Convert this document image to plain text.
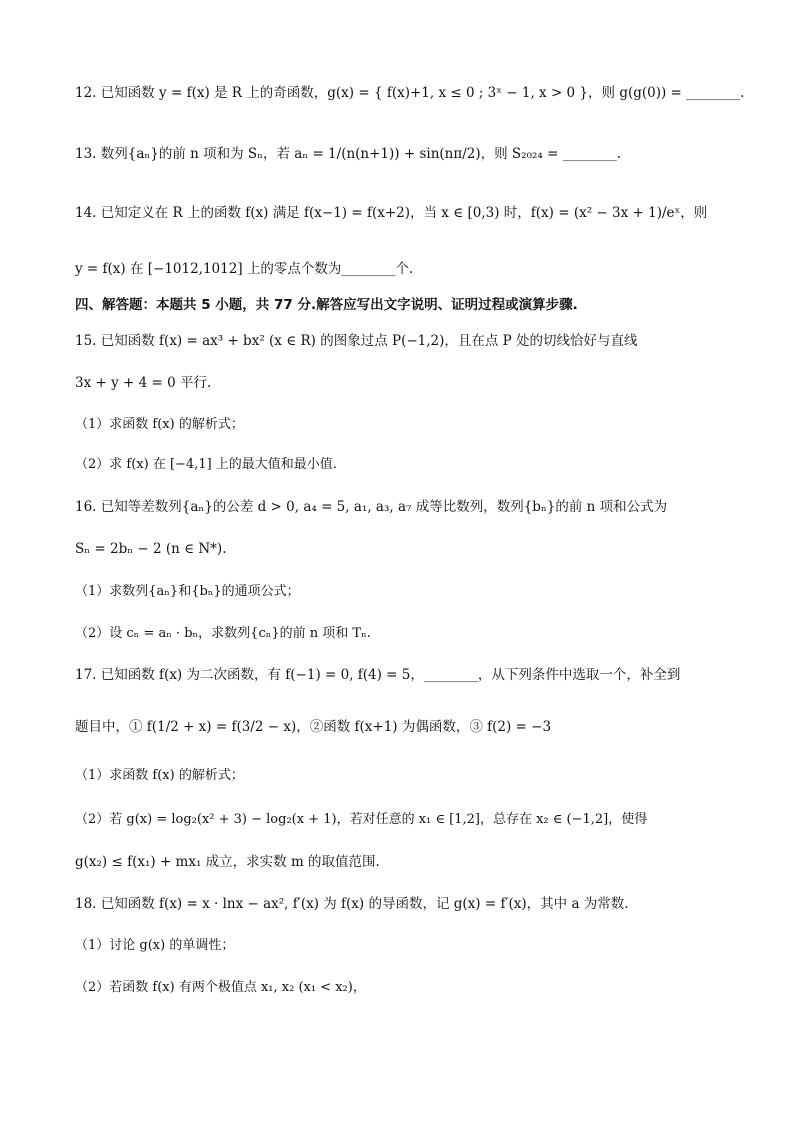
12. 已知函数 y = f(x) 是 R 上的奇函数，g(x) = { f(x)+1, x ≤ 0 ; 3ˣ − 1, x > 0 }，则 g(g(0)) = ________.
13. 数列{aₙ}的前 n 项和为 Sₙ，若 aₙ = 1/(n(n+1)) + sin(nπ/2)，则 S₂₀₂₄ = ________.
14. 已知定义在 R 上的函数 f(x) 满足 f(x−1) = f(x+2)，当 x ∈ [0,3) 时，f(x) = (x² − 3x + 1)/eˣ，则
y = f(x) 在 [−1012,1012] 上的零点个数为________个.
四、解答题：本题共 5 小题，共 77 分.解答应写出文字说明、证明过程或演算步骤.
15. 已知函数 f(x) = ax³ + bx² (x ∈ R) 的图象过点 P(−1,2)，且在点 P 处的切线恰好与直线
3x + y + 4 = 0 平行.
（1）求函数 f(x) 的解析式；
（2）求 f(x) 在 [−4,1] 上的最大值和最小值.
16. 已知等差数列{aₙ}的公差 d > 0, a₄ = 5, a₁, a₃, a₇ 成等比数列，数列{bₙ}的前 n 项和公式为
Sₙ = 2bₙ − 2 (n ∈ N*).
（1）求数列{aₙ}和{bₙ}的通项公式；
（2）设 cₙ = aₙ · bₙ，求数列{cₙ}的前 n 项和 Tₙ.
17. 已知函数 f(x) 为二次函数，有 f(−1) = 0, f(4) = 5，________，从下列条件中选取一个，补全到
题目中，① f(1/2 + x) = f(3/2 − x)，②函数 f(x+1) 为偶函数，③ f(2) = −3
（1）求函数 f(x) 的解析式；
（2）若 g(x) = log₂(x² + 3) − log₂(x + 1)，若对任意的 x₁ ∈ [1,2]，总存在 x₂ ∈ (−1,2]，使得
g(x₂) ≤ f(x₁) + mx₁ 成立，求实数 m 的取值范围.
18. 已知函数 f(x) = x · lnx − ax², f′(x) 为 f(x) 的导函数，记 g(x) = f′(x)，其中 a 为常数.
（1）讨论 g(x) 的单调性；
（2）若函数 f(x) 有两个极值点 x₁, x₂ (x₁ < x₂)，
